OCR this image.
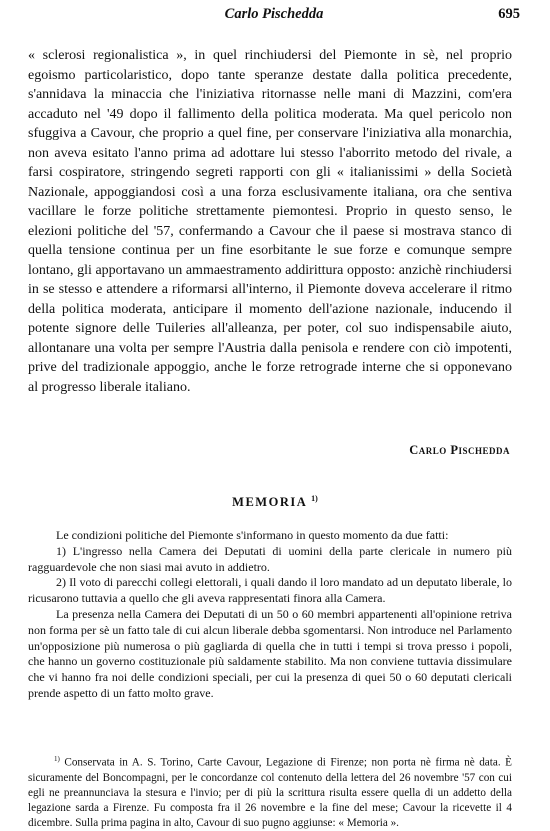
Carlo Pischedda	695

« sclerosi regionalistica », in quel rinchiudersi del Piemonte in sè, nel proprio egoismo particolaristico, dopo tante speranze destate dalla politica precedente, s'annidava la minaccia che l'iniziativa ritornasse nelle mani di Mazzini, com'era accaduto nel '49 dopo il fallimento della politica moderata. Ma quel pericolo non sfuggiva a Cavour, che proprio a quel fine, per conservare l'iniziativa alla monarchia, non aveva esitato l'anno prima ad adottare lui stesso l'aborrito metodo del rivale, a farsi cospiratore, stringendo segreti rapporti con gli « italianissimi » della Società Nazionale, appoggiandosi così a una forza esclusivamente italiana, ora che sentiva vacillare le forze politiche strettamente piemontesi. Proprio in questo senso, le elezioni politiche del '57, confermando a Cavour che il paese si mostrava stanco di quella tensione continua per un fine esorbitante le sue forze e comunque sempre lontano, gli apportavano un ammaestramento addirittura opposto: anzichè rinchiudersi in se stesso e attendere a riformarsi all'interno, il Piemonte doveva accelerare il ritmo della politica moderata, anticipare il momento dell'azione nazionale, inducendo il potente signore delle Tuileries all'alleanza, per poter, col suo indispensabile aiuto, allontanare una volta per sempre l'Austria dalla penisola e rendere con ciò impotenti, prive del tradizionale appoggio, anche le forze retrograde interne che si opponevano al progresso liberale italiano.

Carlo Pischedda
MEMORIA $^{1)}$

Le condizioni politiche del Piemonte s'informano in questo momento da due fatti:

1) L'ingresso nella Camera dei Deputati di uomini della parte clericale in numero più ragguardevole che non siasi mai avuto in addietro.

2) Il voto di parecchi collegi elettorali, i quali dando il loro mandato ad un deputato liberale, lo ricusarono tuttavia a quello che gli aveva rappresentati finora alla Camera.

La presenza nella Camera dei Deputati di un 50 o 60 membri appartenenti all'opinione retriva non forma per sè un fatto tale di cui alcun liberale debba sgomentarsi. Non introduce nel Parlamento un'opposizione più numerosa o più gagliarda di quella che in tutti i tempi si trova presso i popoli, che hanno un governo costituzionale più saldamente stabilito. Ma non conviene tuttavia dissimulare che vi hanno fra noi delle condizioni speciali, per cui la presenza di quei 50 o 60 deputati clericali prende aspetto di un fatto molto grave.

$^{1)}$ Conservata in A. S. Torino, Carte Cavour, Legazione di Firenze; non porta nè firma nè data. È sicuramente del Boncompagni, per le concordanze col contenuto della lettera del 26 novembre '57 con cui egli ne preannunciava la stesura e l'invio; per di più la scrittura risulta essere quella di un addetto della legazione sarda a Firenze. Fu composta fra il 26 novembre e la fine del mese; Cavour la ricevette il 4 dicembre. Sulla prima pagina in alto, Cavour di suo pugno aggiunse: « Memoria ».
